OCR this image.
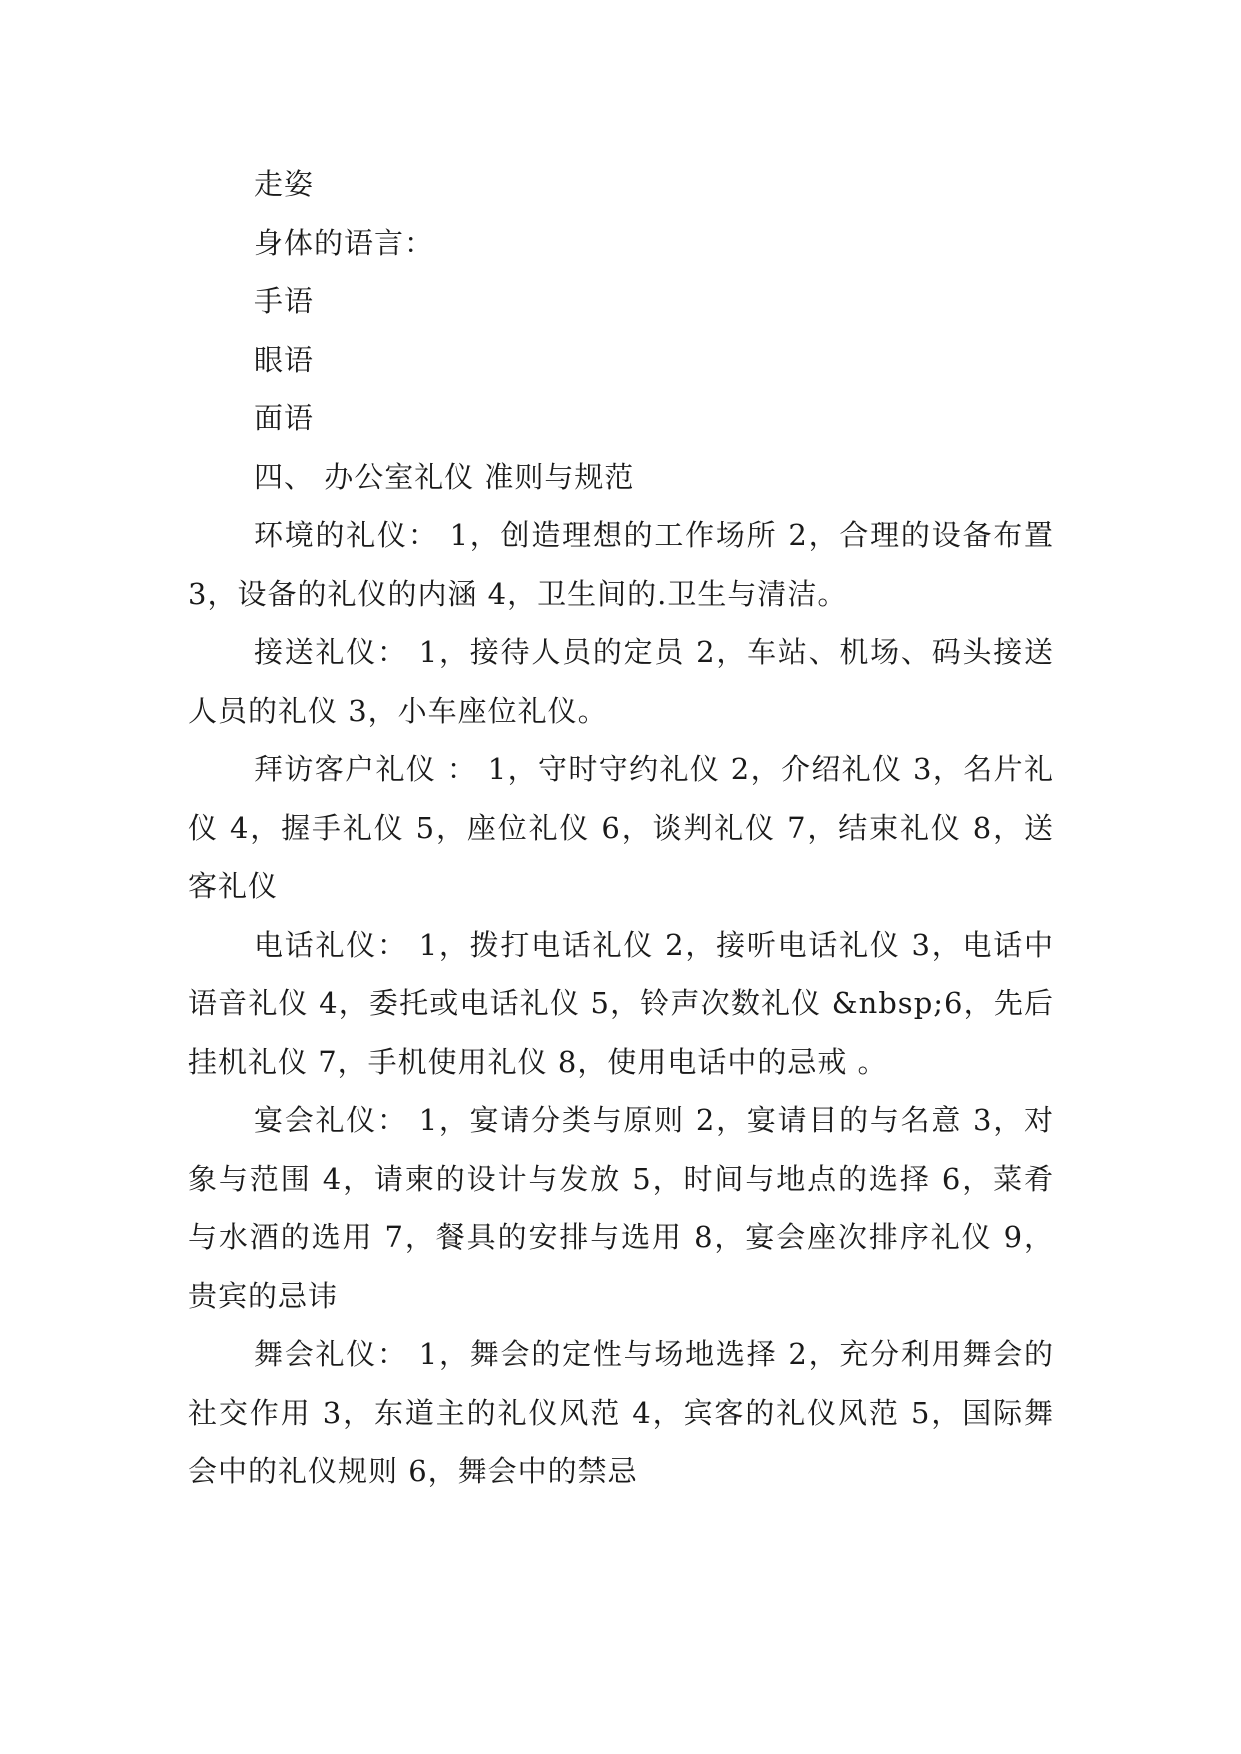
走姿

身体的语言：

手语

眼语

面语

四、 办公室礼仪 准则与规范

环境的礼仪： 1，创造理想的工作场所 2，合理的设备布置 3，设备的礼仪的内涵 4，卫生间的.卫生与清洁。

接送礼仪： 1，接待人员的定员 2，车站、机场、码头接送人员的礼仪 3，小车座位礼仪。

拜访客户礼仪 ： 1，守时守约礼仪 2，介绍礼仪 3，名片礼仪 4，握手礼仪 5，座位礼仪 6，谈判礼仪 7，结束礼仪 8，送客礼仪

电话礼仪： 1，拨打电话礼仪 2，接听电话礼仪 3，电话中语音礼仪 4，委托或电话礼仪 5，铃声次数礼仪 &nbsp;6，先后挂机礼仪 7，手机使用礼仪 8，使用电话中的忌戒 。

宴会礼仪： 1，宴请分类与原则 2，宴请目的与名意 3，对象与范围 4，请柬的设计与发放 5，时间与地点的选择 6，菜肴与水酒的选用 7，餐具的安排与选用 8，宴会座次排序礼仪 9，贵宾的忌讳

舞会礼仪： 1，舞会的定性与场地选择 2，充分利用舞会的社交作用 3，东道主的礼仪风范 4，宾客的礼仪风范 5，国际舞会中的礼仪规则 6，舞会中的禁忌
